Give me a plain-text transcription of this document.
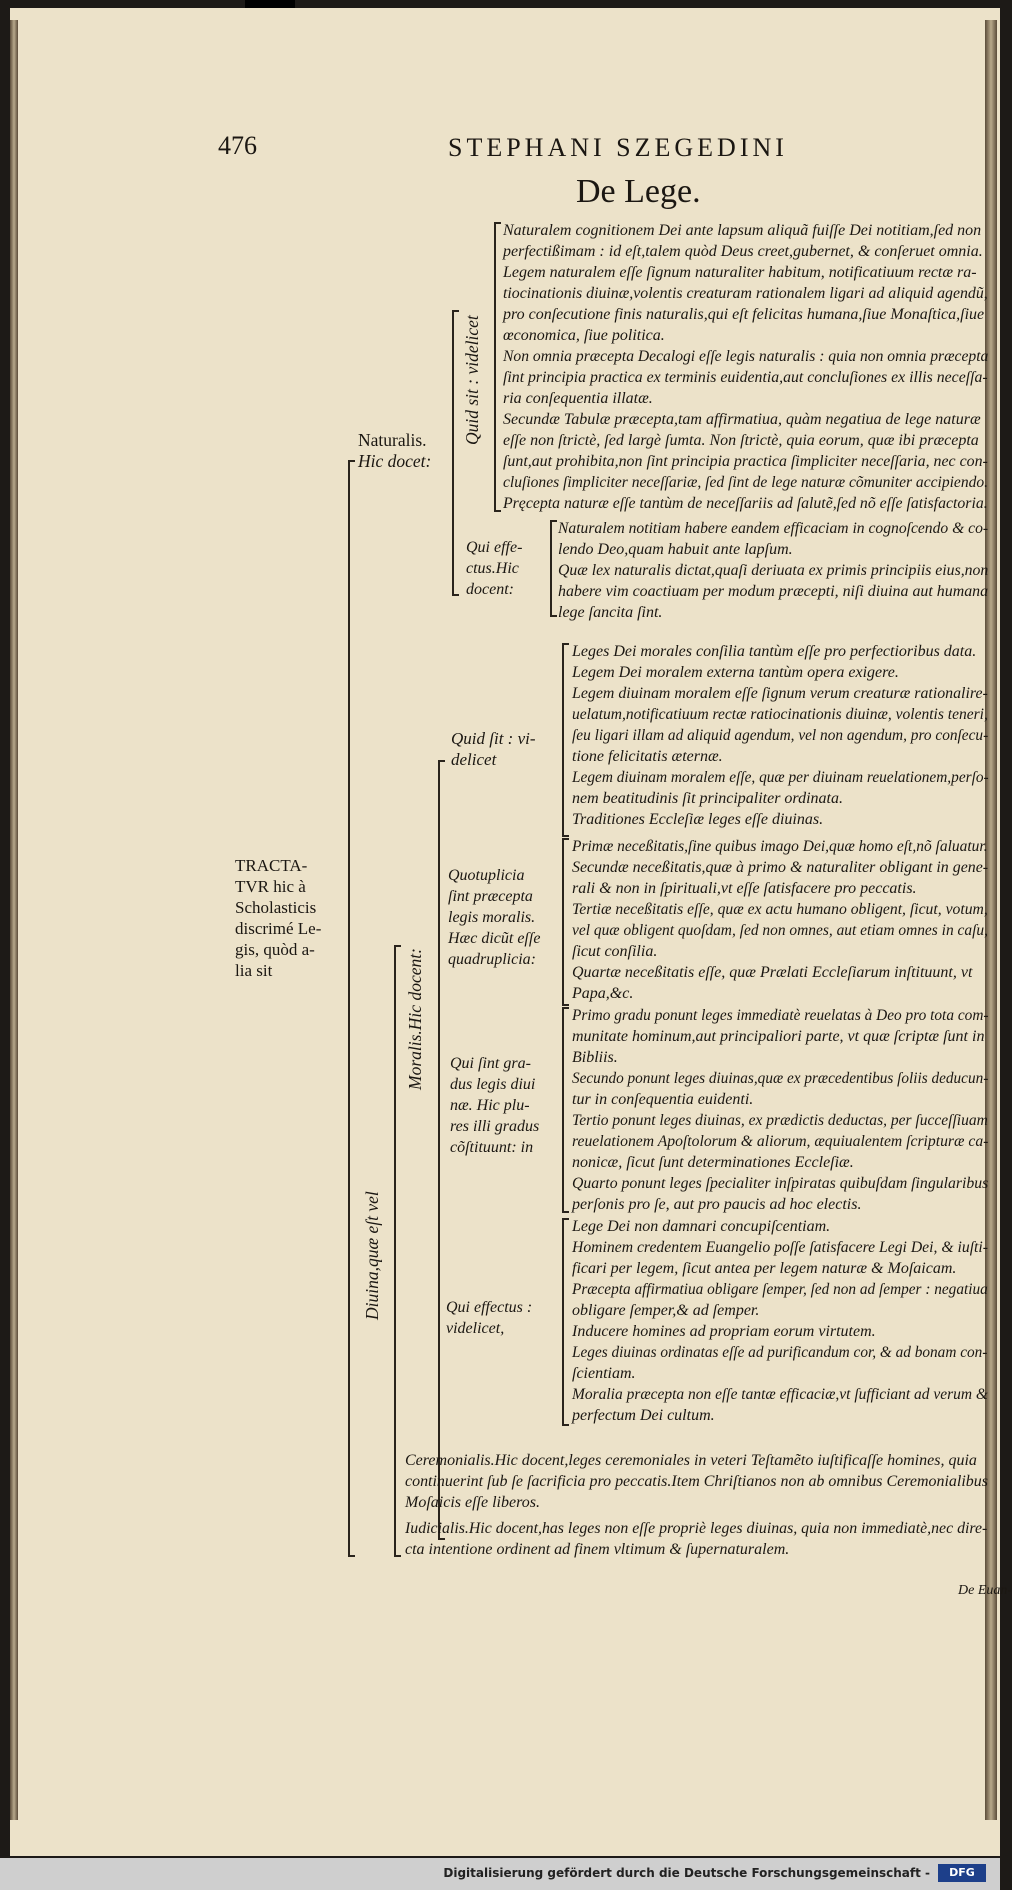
476	STEPHANI SZEGEDINI
De Lege.
De Euan-
TRACTA-
TVR hic à
Scholasticis
discrimé Le-
gis, quòd a-
lia sit
Naturalis.
Hic docet:
Quid sit : videlicet
Naturalem cognitionem Dei ante lapsum aliquã fuiſſe Dei notitiam,ſed non
perfectißimam : id eſt,talem quòd Deus creet,gubernet, & conſeruet omnia.
Legem naturalem eſſe ſignum naturaliter habitum, notificatiuum rectæ ra-
tiocinationis diuinæ,volentis creaturam rationalem ligari ad aliquid agendũ,
pro conſecutione finis naturalis,qui eſt felicitas humana,ſiue Monaſtica,ſiue
œconomica, ſiue politica.
Non omnia præcepta Decalogi eſſe legis naturalis : quia non omnia præcepta
ſint principia practica ex terminis euidentia,aut concluſiones ex illis neceſſa-
ria conſequentia illatæ.
Secundæ Tabulæ præcepta,tam affirmatiua, quàm negatiua de lege naturæ
eſſe non ſtrictè, ſed largè ſumta. Non ſtrictè, quia eorum, quæ ibi præcepta
ſunt,aut prohibita,non ſint principia practica ſimpliciter neceſſaria, nec con-
cluſiones ſimpliciter neceſſariæ, ſed ſint de lege naturæ cõmuniter accipiendo.
Pręcepta naturæ eſſe tantùm de neceſſariis ad ſalutẽ,ſed nõ eſſe ſatisfactoria.
Qui effe-
ctus.Hic
docent:
Naturalem notitiam habere eandem efficaciam in cognoſcendo & co-
lendo Deo,quam habuit ante lapſum.
Quæ lex naturalis dictat,quaſi deriuata ex primis principiis eius,non
habere vim coactiuam per modum præcepti, niſi diuina aut humana
lege ſancita ſint.
Diuina,quæ eſt vel
Moralis.Hic docent:
Quid ſit : vi-
delicet
Leges Dei morales conſilia tantùm eſſe pro perfectioribus data.
Legem Dei moralem externa tantùm opera exigere.
Legem diuinam moralem eſſe ſignum verum creaturæ rationalire-
uelatum,notificatiuum rectæ ratiocinationis diuinæ, volentis teneri,
ſeu ligari illam ad aliquid agendum, vel non agendum, pro conſecu-
tione felicitatis æternæ.
Legem diuinam moralem eſſe, quæ per diuinam reuelationem,perſo-
nem beatitudinis ſit principaliter ordinata.
Traditiones Eccleſiæ leges eſſe diuinas.
Quotuplicia
ſint præcepta
legis moralis.
Hæc dicũt eſſe
quadruplicia:
Primæ neceßitatis,ſine quibus imago Dei,quæ homo eſt,nõ ſaluatur.
Secundæ neceßitatis,quæ à primo & naturaliter obligant in gene-
rali & non in ſpirituali,vt eſſe ſatisfacere pro peccatis.
Tertiæ neceßitatis eſſe, quæ ex actu humano obligent, ſicut, votum,
vel quæ obligent quoſdam, ſed non omnes, aut etiam omnes in caſu,
ſicut conſilia.
Quartæ neceßitatis eſſe, quæ Prælati Eccleſiarum inſtituunt, vt
Papa,&c.
Qui ſint gra-
dus legis diui
næ. Hic plu-
res illi gradus
cõſtituunt: in
Primo gradu ponunt leges immediatè reuelatas à Deo pro tota com-
munitate hominum,aut principaliori parte, vt quæ ſcriptæ ſunt in
Bibliis.
Secundo ponunt leges diuinas,quæ ex præcedentibus ſoliis deducun-
tur in conſequentia euidenti.
Tertio ponunt leges diuinas, ex prædictis deductas, per ſucceſſiuam
reuelationem Apoſtolorum & aliorum, æquiualentem ſcripturæ ca-
nonicæ, ſicut ſunt determinationes Eccleſiæ.
Quarto ponunt leges ſpecialiter inſpiratas quibuſdam ſingularibus
perſonis pro ſe, aut pro paucis ad hoc electis.
Qui effectus :
videlicet,
Lege Dei non damnari concupiſcentiam.
Hominem credentem Euangelio poſſe ſatisfacere Legi Dei, & iuſti-
ficari per legem, ſicut antea per legem naturæ & Moſaicam.
Præcepta affirmatiua obligare ſemper, ſed non ad ſemper : negatiua
obligare ſemper,& ad ſemper.
Inducere homines ad propriam eorum virtutem.
Leges diuinas ordinatas eſſe ad purificandum cor, & ad bonam con-
ſcientiam.
Moralia præcepta non eſſe tantæ efficaciæ,vt ſufficiant ad verum &
perfectum Dei cultum.
Ceremonialis.Hic docent,leges ceremoniales in veteri Teſtamẽto iuſtificaſſe homines, quia
continuerint ſub ſe ſacrificia pro peccatis.Item Chriſtianos non ab omnibus Ceremonialibus
Moſaicis eſſe liberos.
Iudicialis.Hic docent,has leges non eſſe propriè leges diuinas, quia non immediatè,nec dire-
cta intentione ordinent ad finem vltimum & ſupernaturalem.
Digitalisierung gefördert durch die Deutsche Forschungsgemeinschaft -	DFG
